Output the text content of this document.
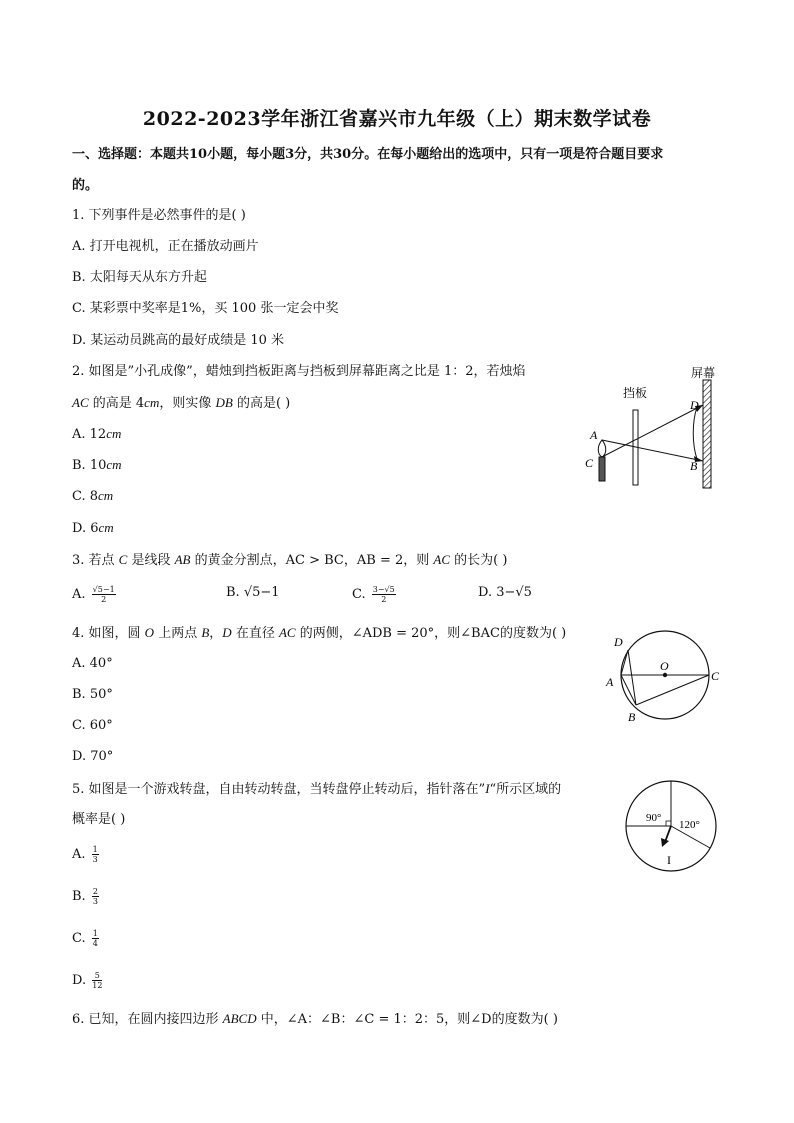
2022-2023学年浙江省嘉兴市九年级（上）期末数学试卷
一、选择题：本题共10小题，每小题3分，共30分。在每小题给出的选项中，只有一项是符合题目要求
的。
1. 下列事件是必然事件的是( )
A. 打开电视机，正在播放动画片
B. 太阳每天从东方升起
C. 某彩票中奖率是1%，买 100 张一定会中奖
D. 某运动员跳高的最好成绩是 10 米
2. 如图是”小孔成像”，蜡烛到挡板距离与挡板到屏幕距离之比是 1：2，若烛焰
AC 的高是 4cm，则实像 DB 的高是( )
A. 12cm
B. 10cm
C. 8cm
D. 6cm
屏幕
挡板
A
C
D
B
3. 若点 C 是线段 AB 的黄金分割点，AC > BC，AB = 2，则 AC 的长为( )
A. $\frac{√5-1}{2}$	B. √5−1	C. $\frac{3-√5}{2}$	D. 3−√5
4. 如图，圆 O 上两点 B，D 在直径 AC 的两侧，∠ADB = 20°，则∠BAC的度数为( )
A. 40°
B. 50°
C. 60°
D. 70°
D
O
A	C
B
5. 如图是一个游戏转盘，自由转动转盘，当转盘停止转动后，指针落在”I“所示区域的
概率是( )
A. $\frac{1}{3}$
B. $\frac{2}{3}$
C. $\frac{1}{4}$
D. $\frac{5}{12}$
90°
120°
I
6. 已知，在圆内接四边形 ABCD 中，∠A：∠B：∠C = 1：2：5，则∠D的度数为( )
